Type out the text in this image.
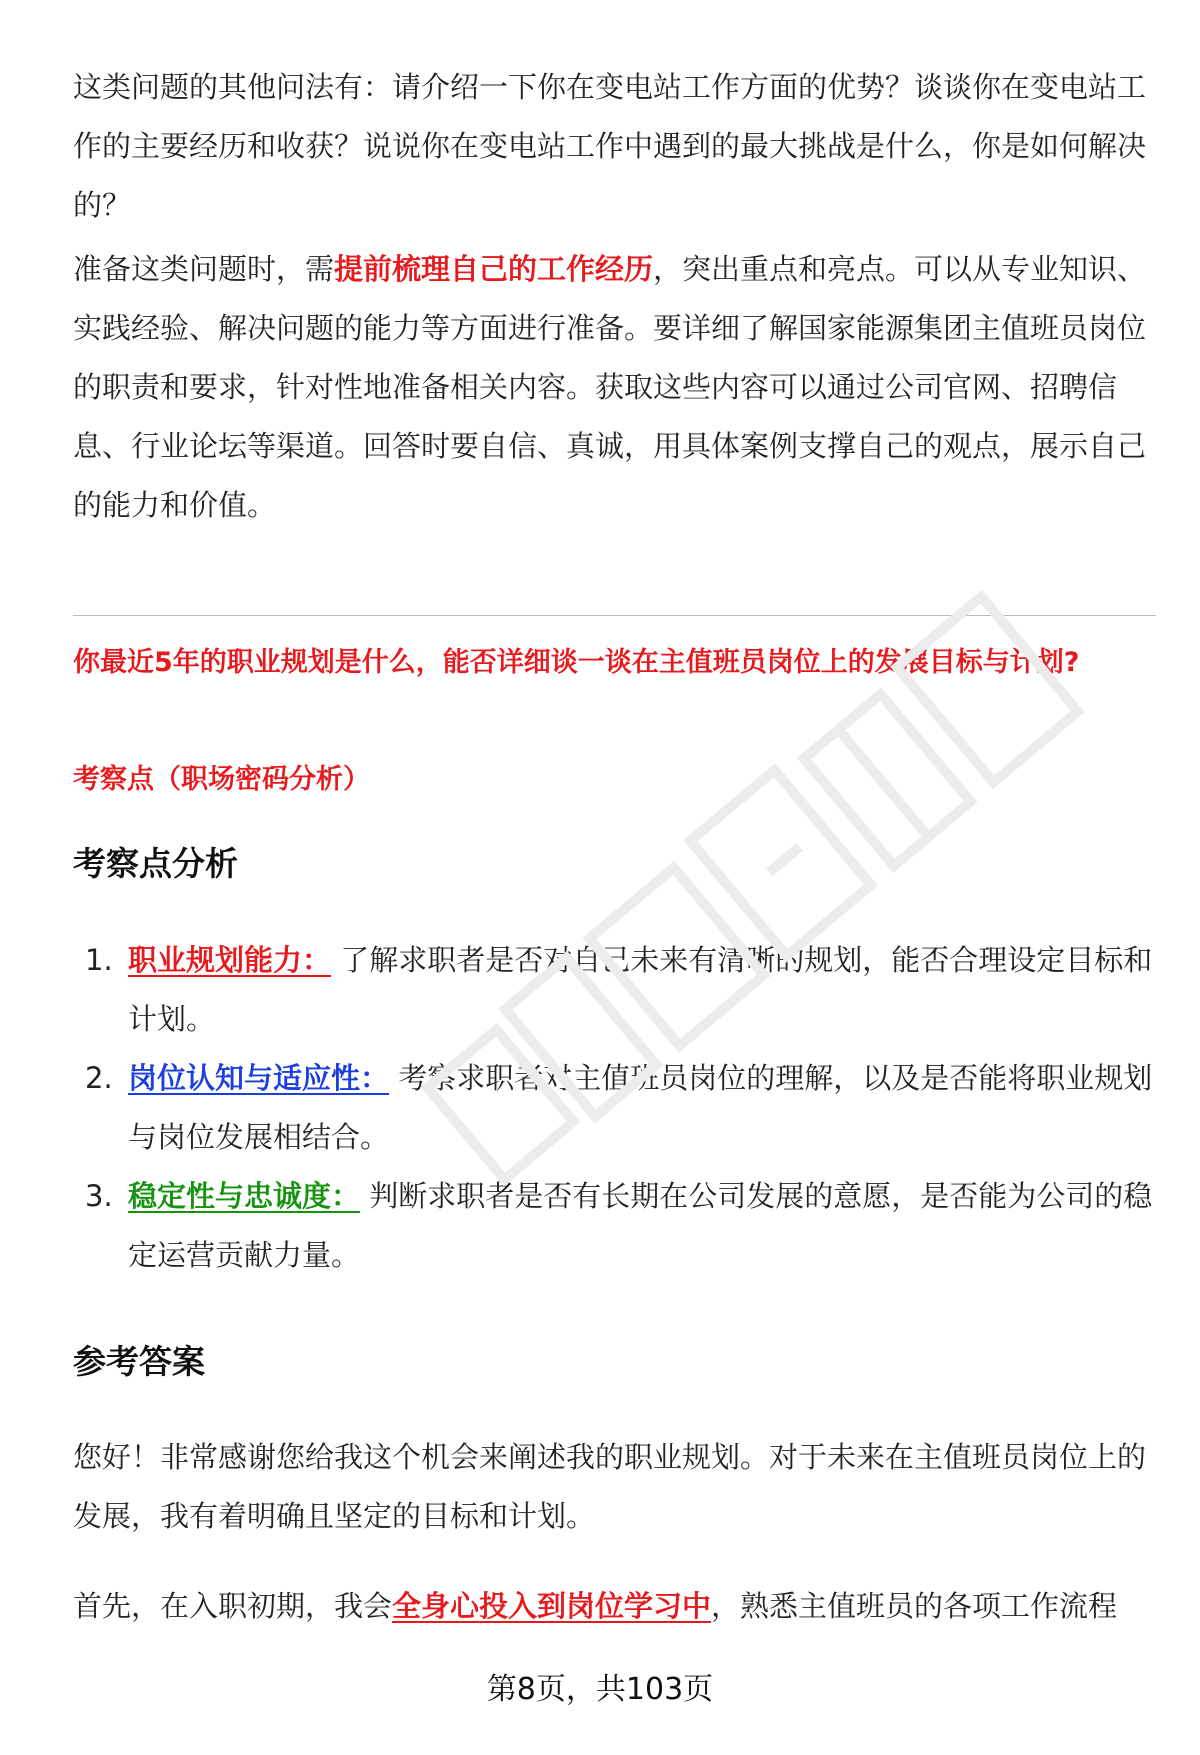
这类问题的其他问法有：请介绍一下你在变电站工作方面的优势？谈谈你在变电站工作的主要经历和收获？说说你在变电站工作中遇到的最大挑战是什么，你是如何解决的？

准备这类问题时，需提前梳理自己的工作经历，突出重点和亮点。可以从专业知识、实践经验、解决问题的能力等方面进行准备。要详细了解国家能源集团主值班员岗位的职责和要求，针对性地准备相关内容。获取这些内容可以通过公司官网、招聘信息、行业论坛等渠道。回答时要自信、真诚，用具体案例支撑自己的观点，展示自己的能力和价值。

你最近5年的职业规划是什么，能否详细谈一谈在主值班员岗位上的发展目标与计划?

考察点（职场密码分析）

考察点分析
1. 职业规划能力： 了解求职者是否对自己未来有清晰的规划，能否合理设定目标和计划。
2. 岗位认知与适应性： 考察求职者对主值班员岗位的理解，以及是否能将职业规划与岗位发展相结合。
3. 稳定性与忠诚度： 判断求职者是否有长期在公司发展的意愿，是否能为公司的稳定运营贡献力量。
参考答案

您好！非常感谢您给我这个机会来阐述我的职业规划。对于未来在主值班员岗位上的发展，我有着明确且坚定的目标和计划。

首先，在入职初期，我会全身心投入到岗位学习中，熟悉主值班员的各项工作流程

第8页，共103页
